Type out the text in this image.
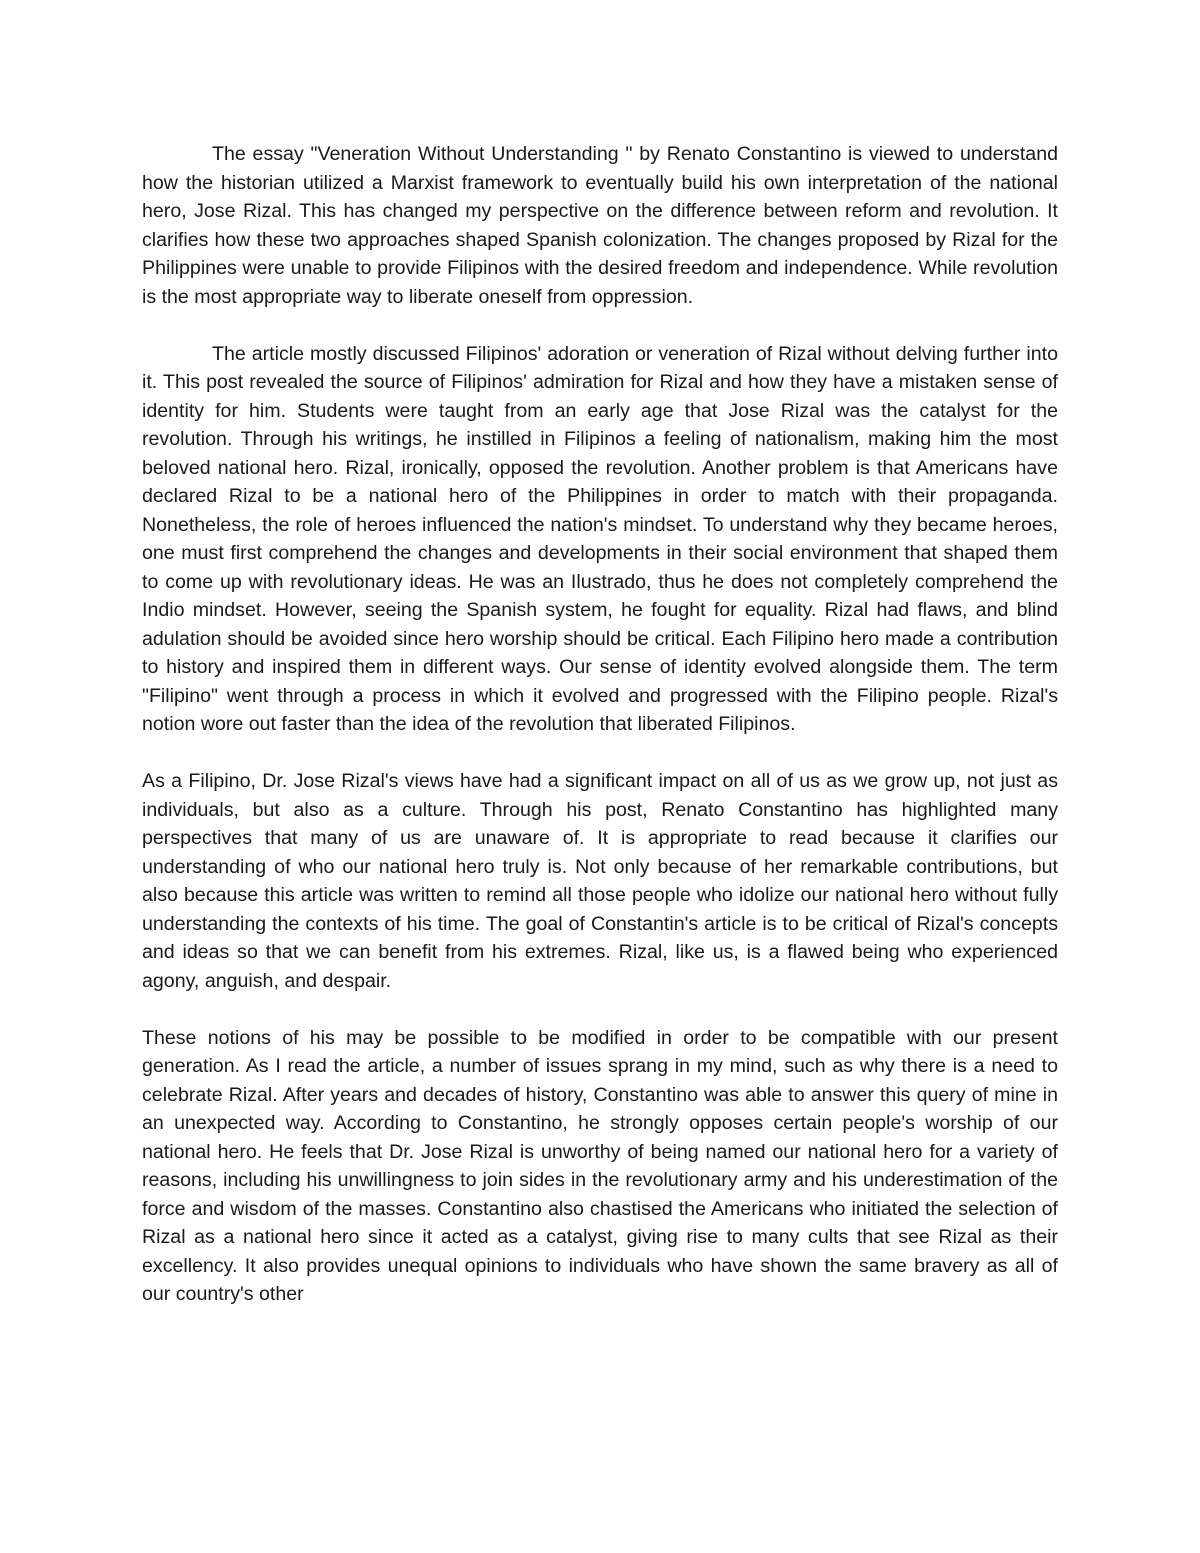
The essay "Veneration Without Understanding " by Renato Constantino is viewed to understand how the historian utilized a Marxist framework to eventually build his own interpretation of the national hero, Jose Rizal. This has changed my perspective on the difference between reform and revolution. It clarifies how these two approaches shaped Spanish colonization. The changes proposed by Rizal for the Philippines were unable to provide Filipinos with the desired freedom and independence. While revolution is the most appropriate way to liberate oneself from oppression.

The article mostly discussed Filipinos' adoration or veneration of Rizal without delving further into it. This post revealed the source of Filipinos' admiration for Rizal and how they have a mistaken sense of identity for him. Students were taught from an early age that Jose Rizal was the catalyst for the revolution. Through his writings, he instilled in Filipinos a feeling of nationalism, making him the most beloved national hero. Rizal, ironically, opposed the revolution. Another problem is that Americans have declared Rizal to be a national hero of the Philippines in order to match with their propaganda. Nonetheless, the role of heroes influenced the nation's mindset. To understand why they became heroes, one must first comprehend the changes and developments in their social environment that shaped them to come up with revolutionary ideas. He was an Ilustrado, thus he does not completely comprehend the Indio mindset. However, seeing the Spanish system, he fought for equality. Rizal had flaws, and blind adulation should be avoided since hero worship should be critical. Each Filipino hero made a contribution to history and inspired them in different ways. Our sense of identity evolved alongside them. The term "Filipino" went through a process in which it evolved and progressed with the Filipino people. Rizal's notion wore out faster than the idea of the revolution that liberated Filipinos.

As a Filipino, Dr. Jose Rizal's views have had a significant impact on all of us as we grow up, not just as individuals, but also as a culture. Through his post, Renato Constantino has highlighted many perspectives that many of us are unaware of. It is appropriate to read because it clarifies our understanding of who our national hero truly is. Not only because of her remarkable contributions, but also because this article was written to remind all those people who idolize our national hero without fully understanding the contexts of his time. The goal of Constantin's article is to be critical of Rizal's concepts and ideas so that we can benefit from his extremes. Rizal, like us, is a flawed being who experienced agony, anguish, and despair.

These notions of his may be possible to be modified in order to be compatible with our present generation. As I read the article, a number of issues sprang in my mind, such as why there is a need to celebrate Rizal. After years and decades of history, Constantino was able to answer this query of mine in an unexpected way. According to Constantino, he strongly opposes certain people's worship of our national hero. He feels that Dr. Jose Rizal is unworthy of being named our national hero for a variety of reasons, including his unwillingness to join sides in the revolutionary army and his underestimation of the force and wisdom of the masses. Constantino also chastised the Americans who initiated the selection of Rizal as a national hero since it acted as a catalyst, giving rise to many cults that see Rizal as their excellency. It also provides unequal opinions to individuals who have shown the same bravery as all of our country's other
